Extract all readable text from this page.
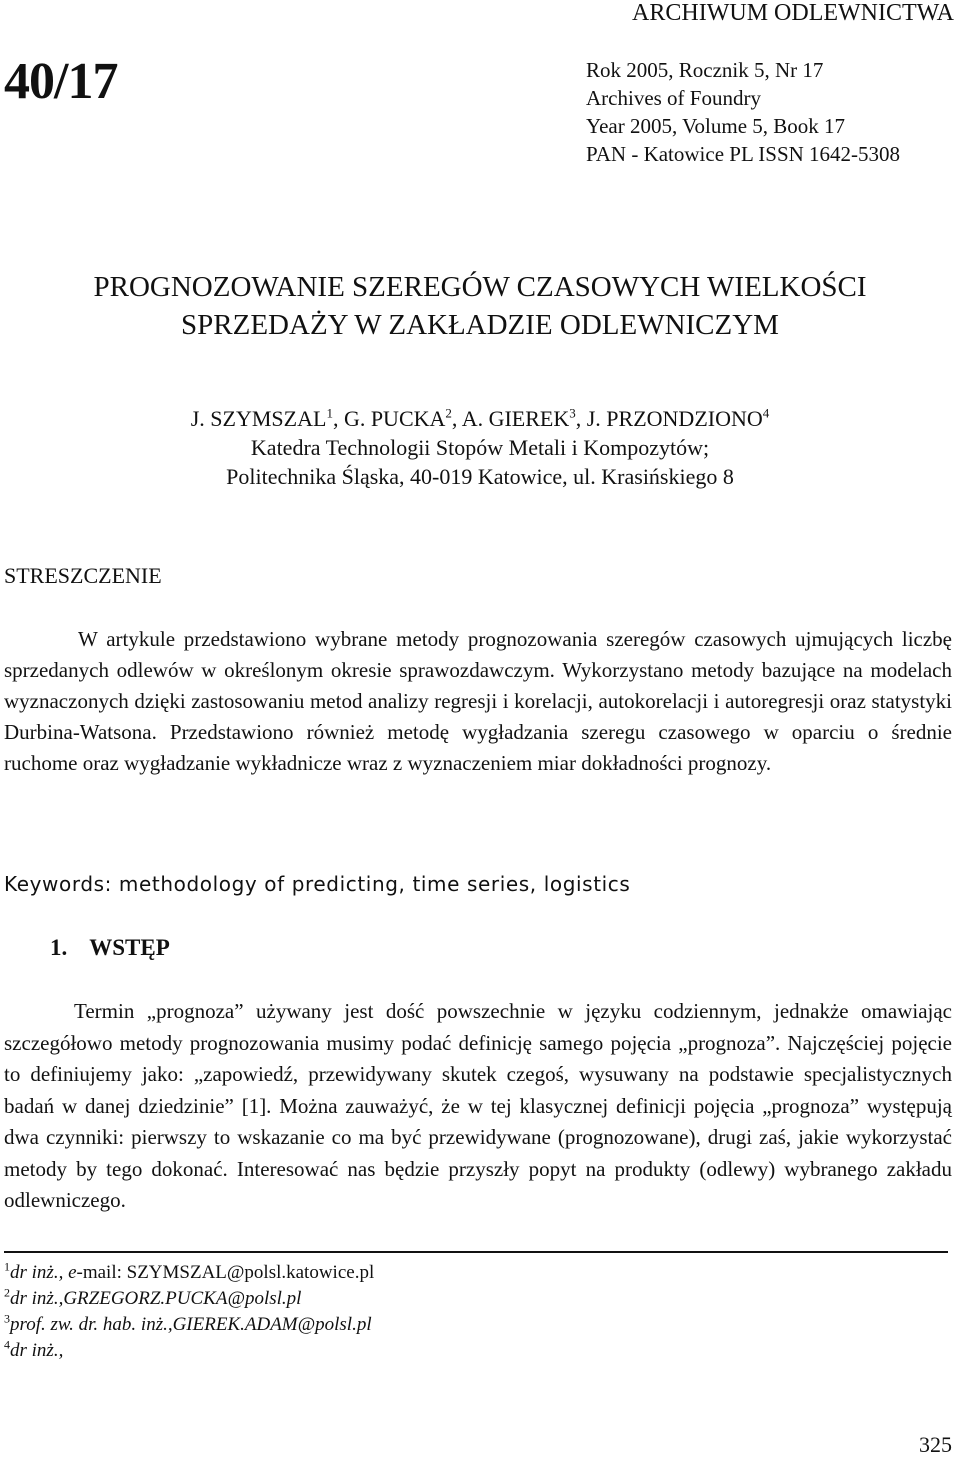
ARCHIWUM ODLEWNICTWA
40/17	Rok 2005, Rocznik 5, Nr 17
Archives of Foundry
Year 2005, Volume 5, Book 17
PAN - Katowice PL ISSN 1642-5308
PROGNOZOWANIE SZEREGÓW CZASOWYCH WIELKOŚCI
SPRZEDAŻY W ZAKŁADZIE ODLEWNICZYM
J. SZYMSZAL$^1$, G. PUCKA$^2$, A. GIEREK$^3$, J. PRZONDZIONO$^4$
Katedra Technologii Stopów Metali i Kompozytów;
Politechnika Śląska, 40-019 Katowice, ul. Krasińskiego 8
STRESZCZENIE

W artykule przedstawiono wybrane metody prognozowania szeregów czasowych ujmujących liczbę sprzedanych odlewów w określonym okresie sprawozdawczym. Wykorzystano metody bazujące na modelach wyznaczonych dzięki zastosowaniu metod analizy regresji i korelacji, autokorelacji i autoregresji oraz statystyki Durbina-Watsona. Przedstawiono również metodę wygładzania szeregu czasowego w oparciu o średnie ruchome oraz wygładzanie wykładnicze wraz z wyznaczeniem miar dokładności prognozy.

Keywords: methodology of predicting, time series, logistics
1. WSTĘP

Termin „prognoza” używany jest dość powszechnie w języku codziennym, jednakże omawiając szczegółowo metody prognozowania musimy podać definicję samego pojęcia „prognoza”. Najczęściej pojęcie to definiujemy jako: „zapowiedź, przewidywany skutek czegoś, wysuwany na podstawie specjalistycznych badań w danej dziedzinie” [1]. Można zauważyć, że w tej klasycznej definicji pojęcia „prognoza” występują dwa czynniki: pierwszy to wskazanie co ma być przewidywane (prognozowane), drugi zaś, jakie wykorzystać metody by tego dokonać. Interesować nas będzie przyszły popyt na produkty (odlewy) wybranego zakładu odlewniczego.

$^1$dr inż., e-mail: SZYMSZAL@polsl.katowice.pl
$^2$dr inż.,GRZEGORZ.PUCKA@polsl.pl
$^3$prof. zw. dr. hab. inż.,GIEREK.ADAM@polsl.pl
$^4$dr inż.,
325
